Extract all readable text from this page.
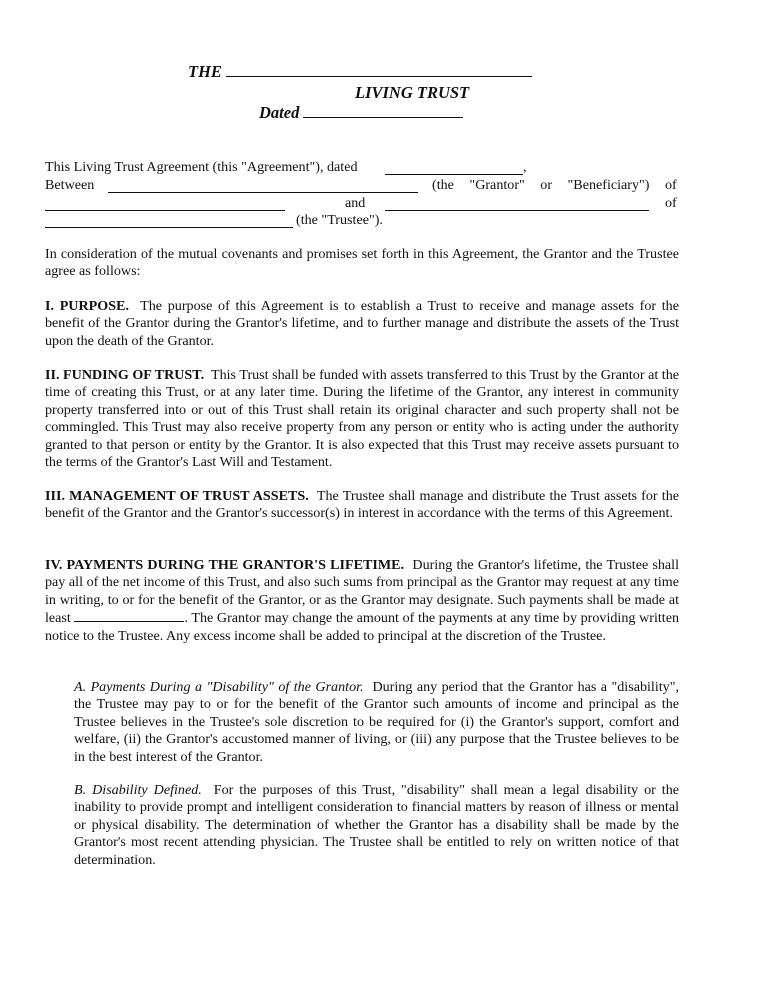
THE
LIVING TRUST
Dated
This Living Trust Agreement (this "Agreement"), dated	,
Between	(the "Grantor" or "Beneficiary") of
and	of
(the "Trustee").

In consideration of the mutual covenants and promises set forth in this Agreement, the Grantor and the Trustee agree as follows:

I. PURPOSE. The purpose of this Agreement is to establish a Trust to receive and manage assets for the benefit of the Grantor during the Grantor's lifetime, and to further manage and distribute the assets of the Trust upon the death of the Grantor.

II. FUNDING OF TRUST. This Trust shall be funded with assets transferred to this Trust by the Grantor at the time of creating this Trust, or at any later time. During the lifetime of the Grantor, any interest in community property transferred into or out of this Trust shall retain its original character and such property shall not be commingled. This Trust may also receive property from any person or entity who is acting under the authority granted to that person or entity by the Grantor. It is also expected that this Trust may receive assets pursuant to the terms of the Grantor's Last Will and Testament.

III. MANAGEMENT OF TRUST ASSETS. The Trustee shall manage and distribute the Trust assets for the benefit of the Grantor and the Grantor's successor(s) in interest in accordance with the terms of this Agreement.

IV. PAYMENTS DURING THE GRANTOR'S LIFETIME. During the Grantor's lifetime, the Trustee shall pay all of the net income of this Trust, and also such sums from principal as the Grantor may request at any time in writing, to or for the benefit of the Grantor, or as the Grantor may designate. Such payments shall be made at least	. The Grantor may change the amount of the payments at any time by providing written notice to the Trustee. Any excess income shall be added to principal at the discretion of the Trustee.

A. Payments During a "Disability" of the Grantor. During any period that the Grantor has a "disability", the Trustee may pay to or for the benefit of the Grantor such amounts of income and principal as the Trustee believes in the Trustee's sole discretion to be required for (i) the Grantor's support, comfort and welfare, (ii) the Grantor's accustomed manner of living, or (iii) any purpose that the Trustee believes to be in the best interest of the Grantor.

B. Disability Defined. For the purposes of this Trust, "disability" shall mean a legal disability or the inability to provide prompt and intelligent consideration to financial matters by reason of illness or mental or physical disability. The determination of whether the Grantor has a disability shall be made by the Grantor's most recent attending physician. The Trustee shall be entitled to rely on written notice of that determination.
